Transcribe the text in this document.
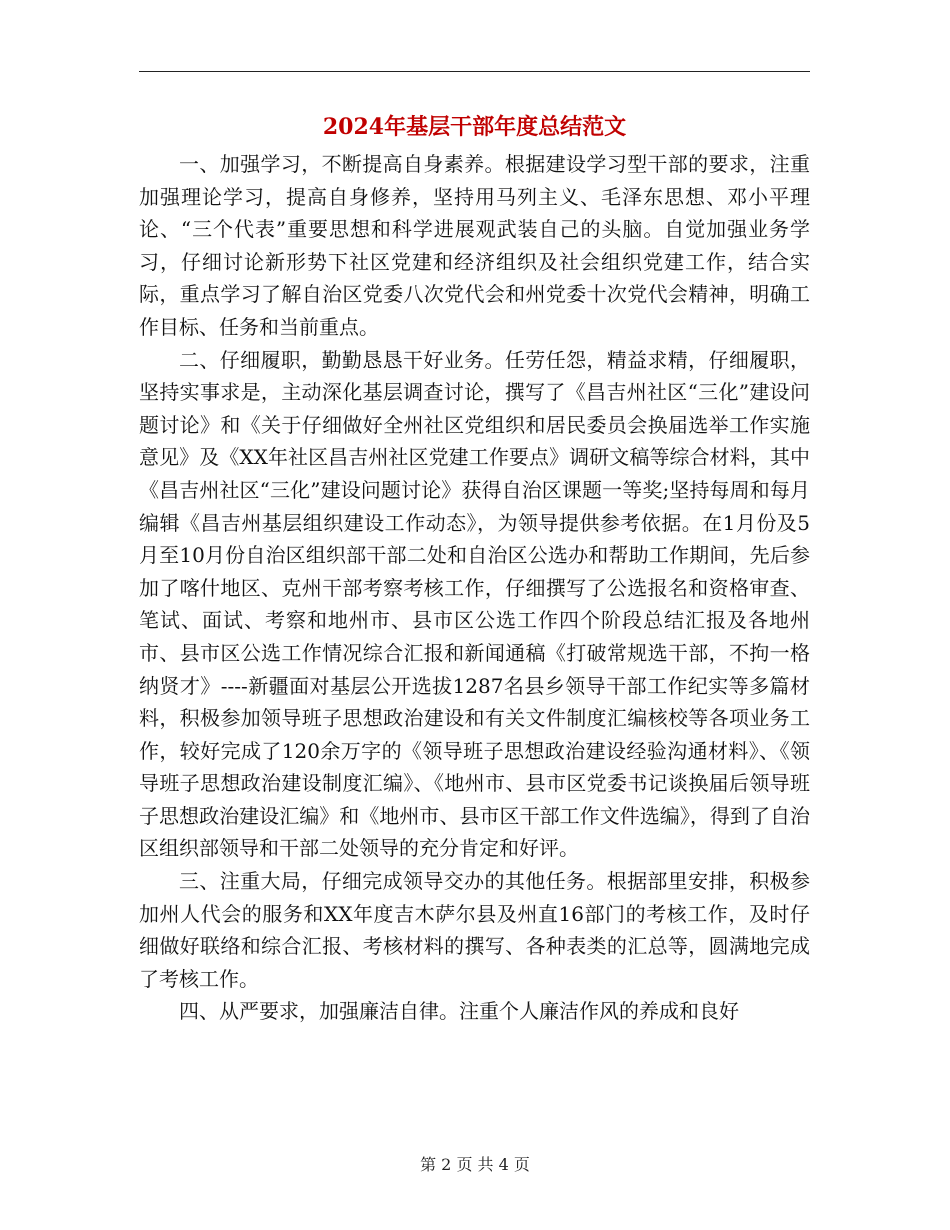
2024年基层干部年度总结范文

一、加强学习，不断提高自身素养。根据建设学习型干部的要求，注重加强理论学习，提高自身修养，坚持用马列主义、毛泽东思想、邓小平理论、“三个代表”重要思想和科学进展观武装自己的头脑。自觉加强业务学习，仔细讨论新形势下社区党建和经济组织及社会组织党建工作，结合实际，重点学习了解自治区党委八次党代会和州党委十次党代会精神，明确工作目标、任务和当前重点。

二、仔细履职，勤勤恳恳干好业务。任劳任怨，精益求精，仔细履职，坚持实事求是，主动深化基层调查讨论，撰写了《昌吉州社区“三化”建设问题讨论》和《关于仔细做好全州社区党组织和居民委员会换届选举工作实施意见》及《XX年社区昌吉州社区党建工作要点》调研文稿等综合材料，其中《昌吉州社区“三化”建设问题讨论》获得自治区课题一等奖;坚持每周和每月编辑《昌吉州基层组织建设工作动态》，为领导提供参考依据。在1月份及5月至10月份自治区组织部干部二处和自治区公选办和帮助工作期间，先后参加了喀什地区、克州干部考察考核工作，仔细撰写了公选报名和资格审查、笔试、面试、考察和地州市、县市区公选工作四个阶段总结汇报及各地州市、县市区公选工作情况综合汇报和新闻通稿《打破常规选干部，不拘一格纳贤才》----新疆面对基层公开选拔1287名县乡领导干部工作纪实等多篇材料，积极参加领导班子思想政治建设和有关文件制度汇编核校等各项业务工作，较好完成了120余万字的《领导班子思想政治建设经验沟通材料》、《领导班子思想政治建设制度汇编》、《地州市、县市区党委书记谈换届后领导班子思想政治建设汇编》和《地州市、县市区干部工作文件选编》，得到了自治区组织部领导和干部二处领导的充分肯定和好评。

三、注重大局，仔细完成领导交办的其他任务。根据部里安排，积极参加州人代会的服务和XX年度吉木萨尔县及州直16部门的考核工作，及时仔细做好联络和综合汇报、考核材料的撰写、各种表类的汇总等，圆满地完成了考核工作。

四、从严要求，加强廉洁自律。注重个人廉洁作风的养成和良好

第 2 页 共 4 页
